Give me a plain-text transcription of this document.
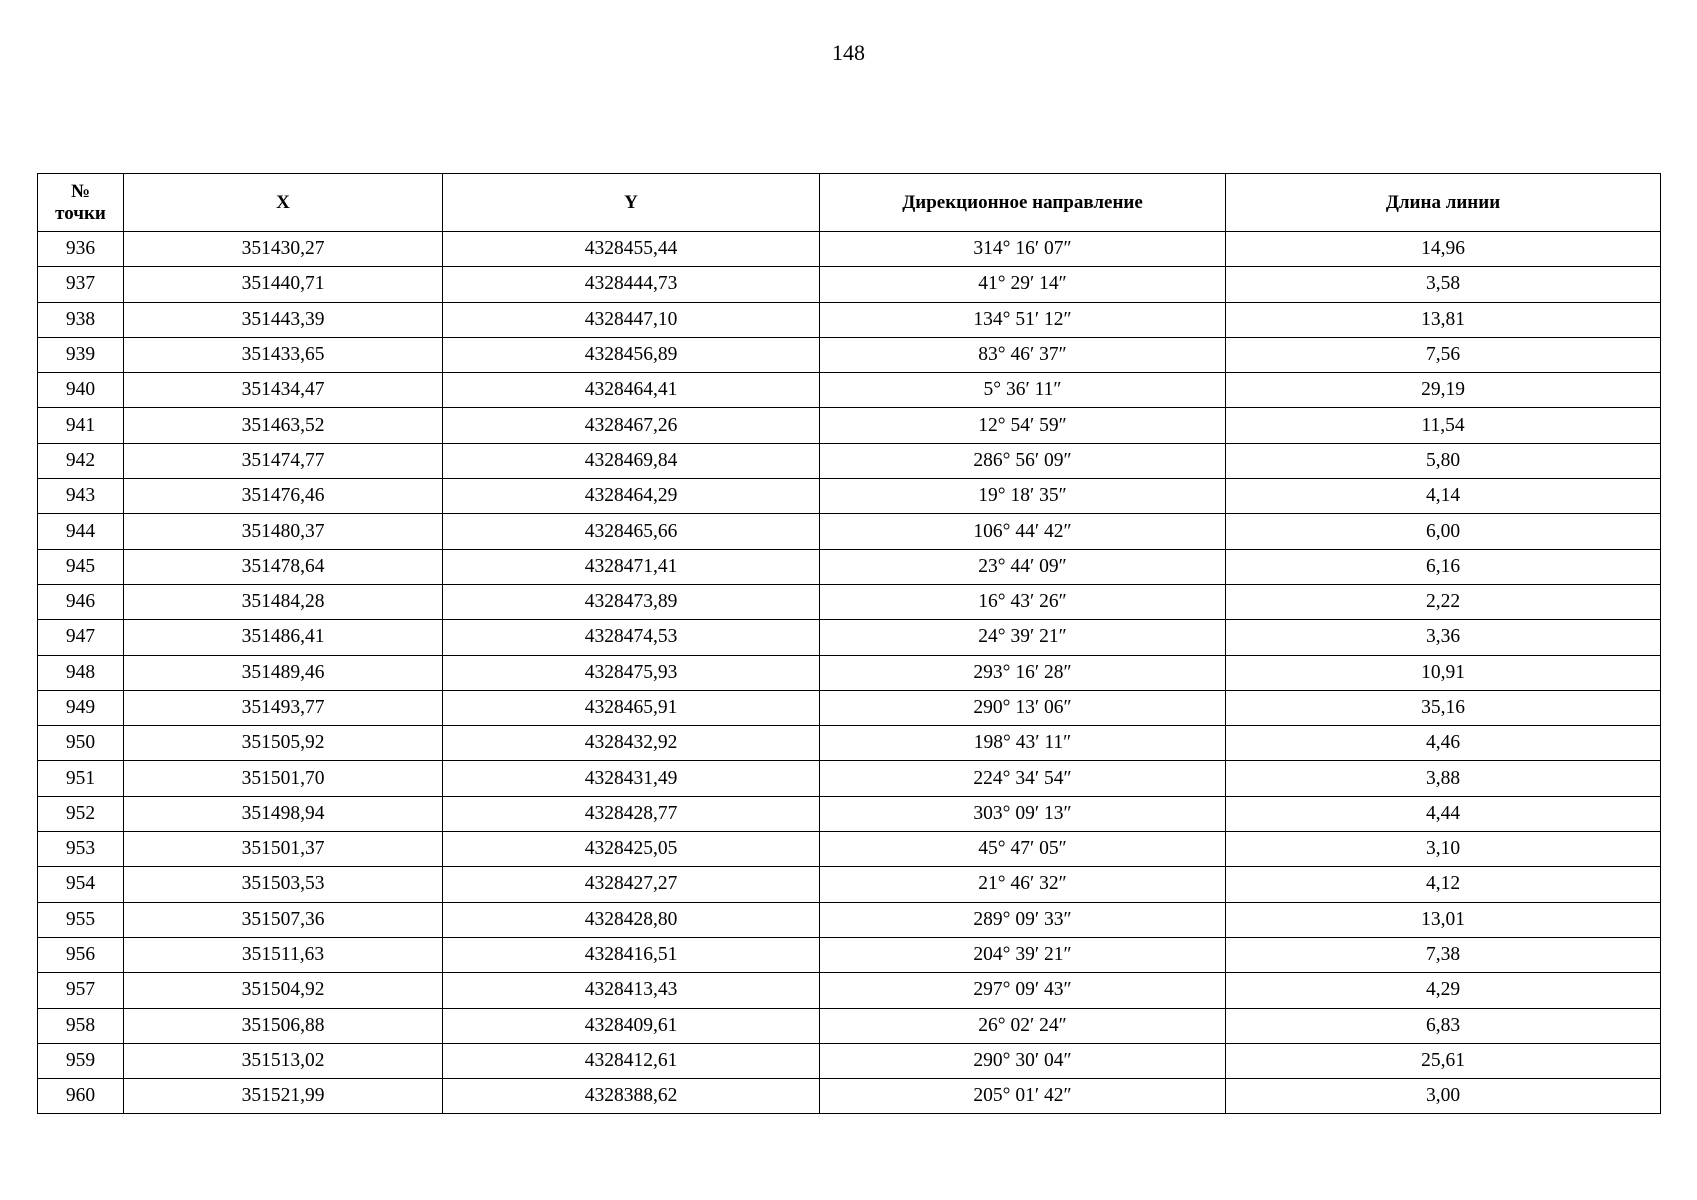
148
№
точки	X	Y	Дирекционное направление	Длина линии
936	351430,27	4328455,44	314° 16′ 07″	14,96
937	351440,71	4328444,73	41° 29′ 14″	3,58
938	351443,39	4328447,10	134° 51′ 12″	13,81
939	351433,65	4328456,89	83° 46′ 37″	7,56
940	351434,47	4328464,41	5° 36′ 11″	29,19
941	351463,52	4328467,26	12° 54′ 59″	11,54
942	351474,77	4328469,84	286° 56′ 09″	5,80
943	351476,46	4328464,29	19° 18′ 35″	4,14
944	351480,37	4328465,66	106° 44′ 42″	6,00
945	351478,64	4328471,41	23° 44′ 09″	6,16
946	351484,28	4328473,89	16° 43′ 26″	2,22
947	351486,41	4328474,53	24° 39′ 21″	3,36
948	351489,46	4328475,93	293° 16′ 28″	10,91
949	351493,77	4328465,91	290° 13′ 06″	35,16
950	351505,92	4328432,92	198° 43′ 11″	4,46
951	351501,70	4328431,49	224° 34′ 54″	3,88
952	351498,94	4328428,77	303° 09′ 13″	4,44
953	351501,37	4328425,05	45° 47′ 05″	3,10
954	351503,53	4328427,27	21° 46′ 32″	4,12
955	351507,36	4328428,80	289° 09′ 33″	13,01
956	351511,63	4328416,51	204° 39′ 21″	7,38
957	351504,92	4328413,43	297° 09′ 43″	4,29
958	351506,88	4328409,61	26° 02′ 24″	6,83
959	351513,02	4328412,61	290° 30′ 04″	25,61
960	351521,99	4328388,62	205° 01′ 42″	3,00
